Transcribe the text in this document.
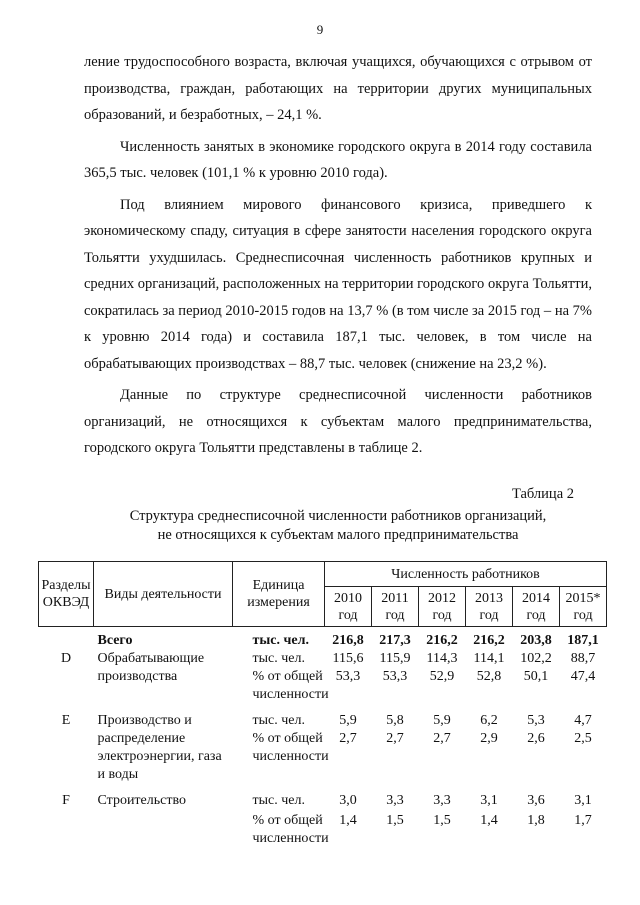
9

ление трудоспособного возраста, включая учащихся, обучающихся с отрывом от производства, граждан, работающих на территории других муниципальных образований, и безработных, – 24,1 %.

Численность занятых в экономике городского округа в 2014 году составила 365,5 тыс. человек (101,1 % к уровню 2010 года).

Под влиянием мирового финансового кризиса, приведшего к экономическому спаду, ситуация в сфере занятости населения городского округа Тольятти ухудшилась. Среднесписочная численность работников крупных и средних организаций, расположенных на территории городского округа Тольятти, сократилась за период 2010-2015 годов на 13,7 % (в том числе за 2015 год – на 7% к уровню 2014 года) и составила 187,1 тыс. человек, в том числе на обрабатывающих производствах – 88,7 тыс. человек (снижение на 23,2 %).

Данные по структуре среднесписочной численности работников организаций, не относящихся к субъектам малого предпринимательства, городского округа Тольятти представлены в таблице 2.

Таблица 2
Структура среднесписочной численности работников организаций,
не относящихся к субъектам малого предпринимательства
Разделы ОКВЭД	Виды деятельности	Единица измерения	Численность работников					
			2010 год	2011 год	2012 год	2013 год	2014 год	2015* год
	Всего	тыс. чел.	216,8	217,3	216,2	216,2	203,8	187,1
D	Обрабатывающие производства	тыс. чел.	115,6	115,9	114,3	114,1	102,2	88,7
		% от общей численности	53,3	53,3	52,9	52,8	50,1	47,4
E	Производство и распределение электроэнергии, газа и воды	тыс. чел.	5,9	5,8	5,9	6,2	5,3	4,7
		% от общей численности	2,7	2,7	2,7	2,9	2,6	2,5
F	Строительство	тыс. чел.	3,0	3,3	3,3	3,1	3,6	3,1
		% от общей численности	1,4	1,5	1,5	1,4	1,8	1,7
